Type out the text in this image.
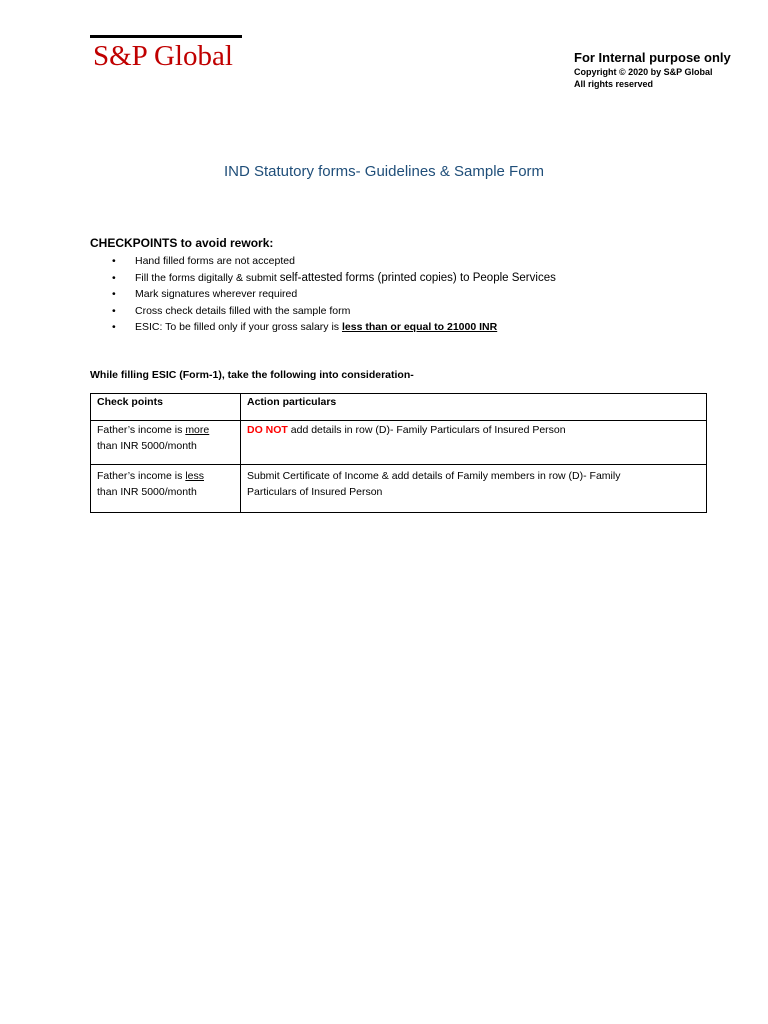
S&P Global	For Internal purpose only
Copyright © 2020 by S&P Global
All rights reserved
IND Statutory forms- Guidelines & Sample Form
CHECKPOINTS to avoid rework:
• Hand filled forms are not accepted
• Fill the forms digitally & submit self-attested forms (printed copies) to People Services
• Mark signatures wherever required
• Cross check details filled with the sample form
• ESIC: To be filled only if your gross salary is less than or equal to 21000 INR
While filling ESIC (Form-1), take the following into consideration-
Check points	Action particulars
Father’s income is more
than INR 5000/month	DO NOT add details in row (D)- Family Particulars of Insured Person
Father’s income is less
than INR 5000/month	Submit Certificate of Income & add details of Family members in row (D)- Family
Particulars of Insured Person
